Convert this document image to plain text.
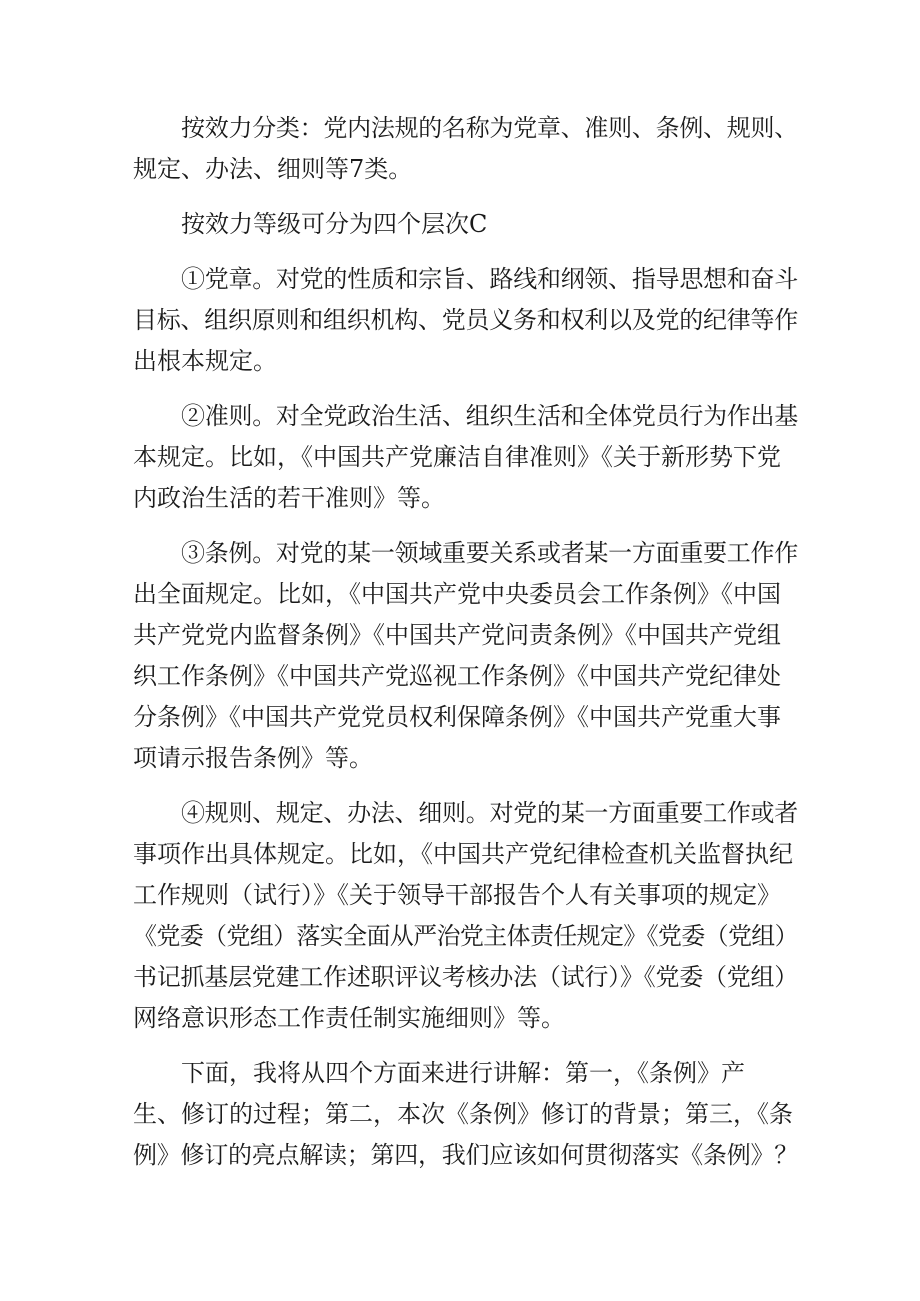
按效力分类：党内法规的名称为党章、准则、条例、规则、
规定、办法、细则等7类。
按效力等级可分为四个层次C
①党章。对党的性质和宗旨、路线和纲领、指导思想和奋斗
目标、组织原则和组织机构、党员义务和权利以及党的纪律等作
出根本规定。
②准则。对全党政治生活、组织生活和全体党员行为作出基
本规定。比如，《中国共产党廉洁自律准则》《关于新形势下党
内政治生活的若干准则》等。
③条例。对党的某一领域重要关系或者某一方面重要工作作
出全面规定。比如，《中国共产党中央委员会工作条例》《中国
共产党党内监督条例》《中国共产党问责条例》《中国共产党组
织工作条例》《中国共产党巡视工作条例》《中国共产党纪律处
分条例》《中国共产党党员权利保障条例》《中国共产党重大事
项请示报告条例》等。
④规则、规定、办法、细则。对党的某一方面重要工作或者
事项作出具体规定。比如，《中国共产党纪律检查机关监督执纪
工作规则（试行）》《关于领导干部报告个人有关事项的规定》
《党委（党组）落实全面从严治党主体责任规定》《党委（党组）
书记抓基层党建工作述职评议考核办法（试行）》《党委（党组）
网络意识形态工作责任制实施细则》等。
下面，我将从四个方面来进行讲解：第一，《条例》产
生、修订的过程；第二，本次《条例》修订的背景；第三，《条
例》修订的亮点解读；第四，我们应该如何贯彻落实《条例》？
